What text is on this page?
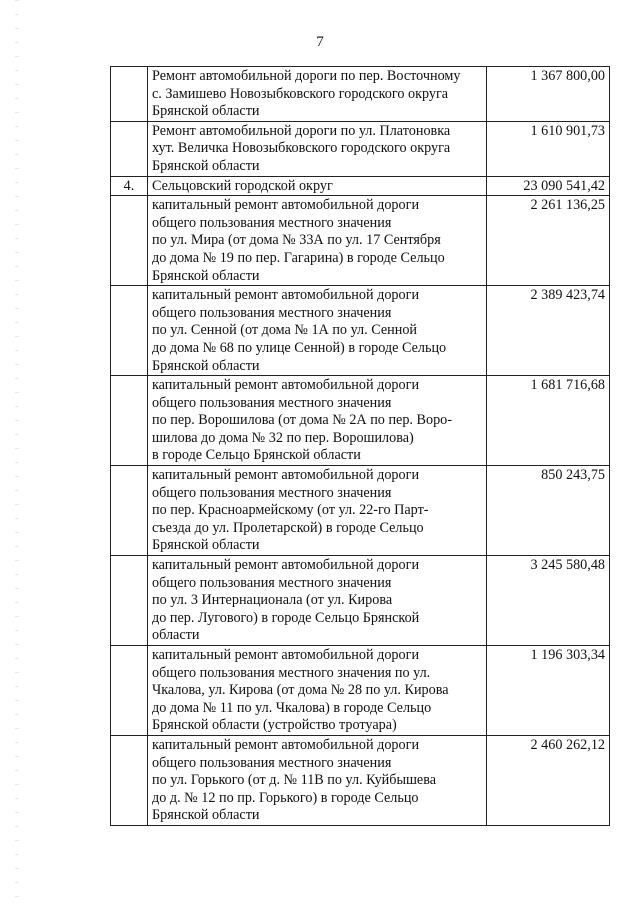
7

	Ремонт автомобильной дороги по пер. Восточному
с. Замишево Новозыбковского городского округа
Брянской области	1 367 800,00

	Ремонт автомобильной дороги по ул. Платоновка
хут. Величка Новозыбковского городского округа
Брянской области	1 610 901,73
4.	Сельцовский городской округ	23 090 541,42

	капитальный ремонт автомобильной дороги
общего пользования местного значения
по ул. Мира (от дома № 33А по ул. 17 Сентября
до дома № 19 по пер. Гагарина) в городе Сельцо
Брянской области	2 261 136,25

	капитальный ремонт автомобильной дороги
общего пользования местного значения
по ул. Сенной (от дома № 1А по ул. Сенной
до дома № 68 по улице Сенной) в городе Сельцо
Брянской области	2 389 423,74

	капитальный ремонт автомобильной дороги
общего пользования местного значения
по пер. Ворошилова (от дома № 2А по пер. Воро-
шилова до дома № 32 по пер. Ворошилова)
в городе Сельцо Брянской области	1 681 716,68

	капитальный ремонт автомобильной дороги
общего пользования местного значения
по пер. Красноармейскому (от ул. 22-го Парт-
съезда до ул. Пролетарской) в городе Сельцо
Брянской области	850 243,75

	капитальный ремонт автомобильной дороги
общего пользования местного значения
по ул. 3 Интернационала (от ул. Кирова
до пер. Лугового) в городе Сельцо Брянской
области	3 245 580,48

	капитальный ремонт автомобильной дороги
общего пользования местного значения по ул.
Чкалова, ул. Кирова (от дома № 28 по ул. Кирова
до дома № 11 по ул. Чкалова) в городе Сельцо
Брянской области (устройство тротуара)	1 196 303,34

	капитальный ремонт автомобильной дороги
общего пользования местного значения
по ул. Горького (от д. № 11В по ул. Куйбышева
до д. № 12 по пр. Горького) в городе Сельцо
Брянской области	2 460 262,12
